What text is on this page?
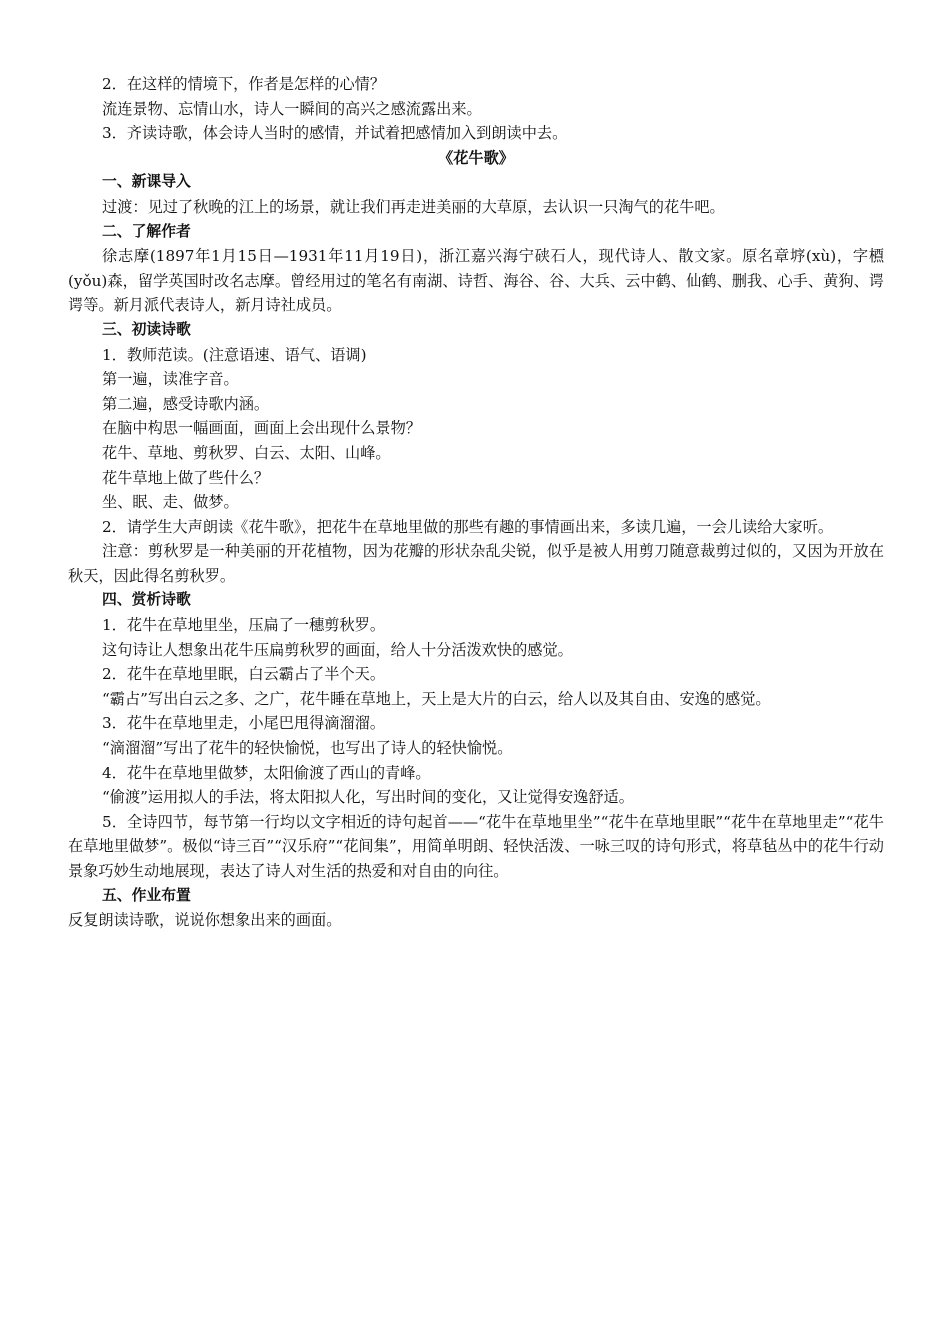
2．在这样的情境下，作者是怎样的心情？
流连景物、忘情山水，诗人一瞬间的高兴之感流露出来。
3．齐读诗歌，体会诗人当时的感情，并试着把感情加入到朗读中去。
《花牛歌》
一、新课导入
过渡：见过了秋晚的江上的场景，就让我们再走进美丽的大草原，去认识一只淘气的花牛吧。
二、了解作者
徐志摩(1897年1月15日—1931年11月19日)，浙江嘉兴海宁硖石人，现代诗人、散文家。原名章垿(xù)，字槱(yǒu)森，留学英国时改名志摩。曾经用过的笔名有南湖、诗哲、海谷、谷、大兵、云中鹤、仙鹤、删我、心手、黄狗、谔谔等。新月派代表诗人，新月诗社成员。
三、初读诗歌
1．教师范读。(注意语速、语气、语调)
第一遍，读准字音。
第二遍，感受诗歌内涵。
在脑中构思一幅画面，画面上会出现什么景物？
花牛、草地、剪秋罗、白云、太阳、山峰。
花牛草地上做了些什么？
坐、眠、走、做梦。
2．请学生大声朗读《花牛歌》，把花牛在草地里做的那些有趣的事情画出来，多读几遍，一会儿读给大家听。
注意：剪秋罗是一种美丽的开花植物，因为花瓣的形状杂乱尖锐，似乎是被人用剪刀随意裁剪过似的，又因为开放在秋天，因此得名剪秋罗。
四、赏析诗歌
1．花牛在草地里坐，压扁了一穗剪秋罗。
这句诗让人想象出花牛压扁剪秋罗的画面，给人十分活泼欢快的感觉。
2．花牛在草地里眠，白云霸占了半个天。
“霸占”写出白云之多、之广，花牛睡在草地上，天上是大片的白云，给人以及其自由、安逸的感觉。
3．花牛在草地里走，小尾巴甩得滴溜溜。
“滴溜溜”写出了花牛的轻快愉悦，也写出了诗人的轻快愉悦。
4．花牛在草地里做梦，太阳偷渡了西山的青峰。
“偷渡”运用拟人的手法，将太阳拟人化，写出时间的变化，又让觉得安逸舒适。
5．全诗四节，每节第一行均以文字相近的诗句起首——“花牛在草地里坐”“花牛在草地里眠”“花牛在草地里走”“花牛在草地里做梦”。极似“诗三百”“汉乐府”“花间集”，用简单明朗、轻快活泼、一咏三叹的诗句形式，将草毡丛中的花牛行动景象巧妙生动地展现，表达了诗人对生活的热爱和对自由的向往。
五、作业布置
反复朗读诗歌，说说你想象出来的画面。
